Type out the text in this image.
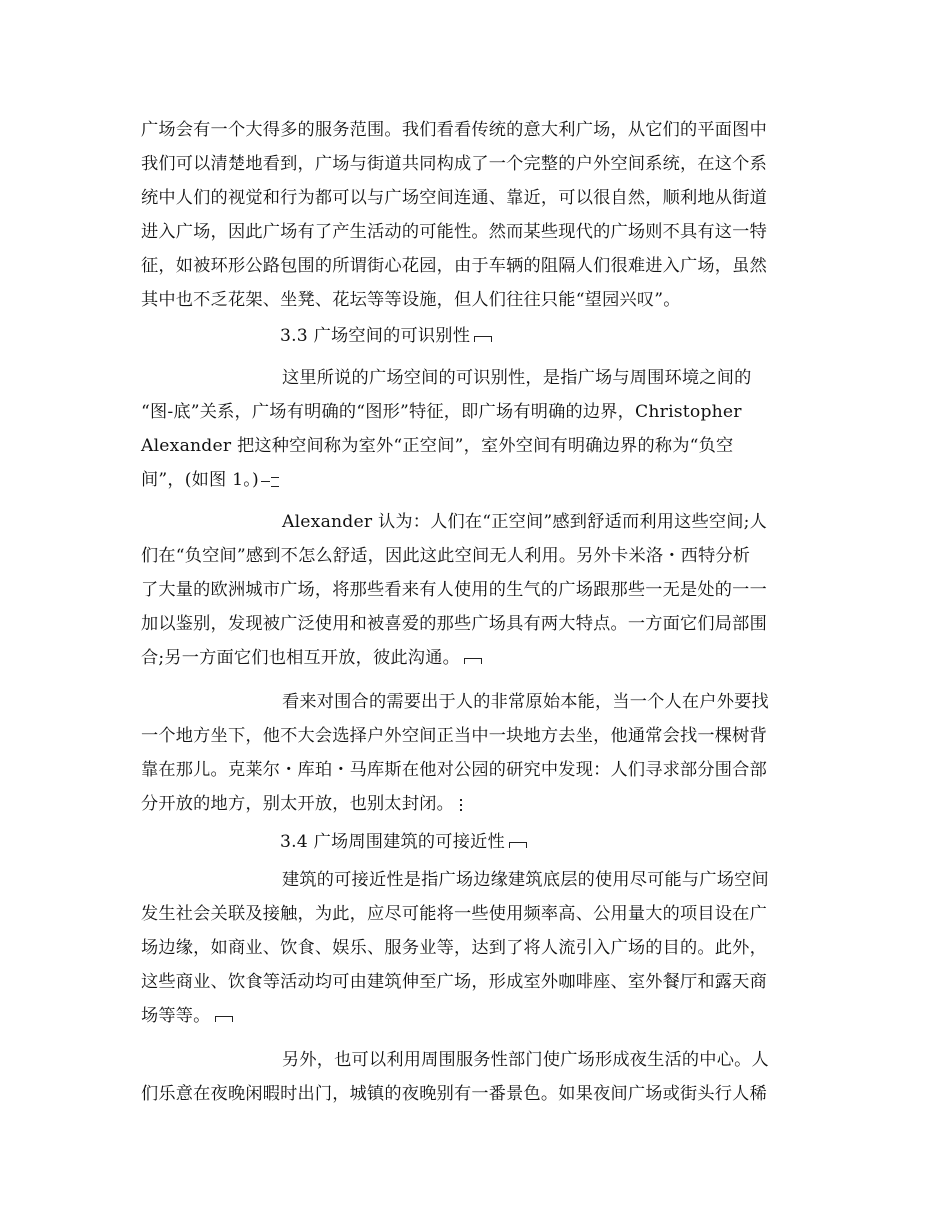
广场会有一个大得多的服务范围。我们看看传统的意大利广场，从它们的平面图中
我们可以清楚地看到，广场与街道共同构成了一个完整的户外空间系统，在这个系
统中人们的视觉和行为都可以与广场空间连通、靠近，可以很自然，顺利地从街道
进入广场，因此广场有了产生活动的可能性。然而某些现代的广场则不具有这一特
征，如被环形公路包围的所谓街心花园，由于车辆的阻隔人们很难进入广场，虽然
其中也不乏花架、坐凳、花坛等等设施，但人们往往只能“望园兴叹”。
3.3 广场空间的可识别性
这里所说的广场空间的可识别性，是指广场与周围环境之间的
“图-底”关系，广场有明确的“图形”特征，即广场有明确的边界，Christopher
Alexander 把这种空间称为室外“正空间”，室外空间有明确边界的称为“负空
间”，(如图 1。)
Alexander 认为：人们在“正空间”感到舒适而利用这些空间;人
们在“负空间”感到不怎么舒适，因此这此空间无人利用。另外卡米洛・西特分析
了大量的欧洲城市广场，将那些看来有人使用的生气的广场跟那些一无是处的一一
加以鉴别，发现被广泛使用和被喜爱的那些广场具有两大特点。一方面它们局部围
合;另一方面它们也相互开放，彼此沟通。
看来对围合的需要出于人的非常原始本能，当一个人在户外要找
一个地方坐下，他不大会选择户外空间正当中一块地方去坐，他通常会找一棵树背
靠在那儿。克莱尔・库珀・马库斯在他对公园的研究中发现：人们寻求部分围合部
分开放的地方，别太开放，也别太封闭。
3.4 广场周围建筑的可接近性
建筑的可接近性是指广场边缘建筑底层的使用尽可能与广场空间
发生社会关联及接触，为此，应尽可能将一些使用频率高、公用量大的项目设在广
场边缘，如商业、饮食、娱乐、服务业等，达到了将人流引入广场的目的。此外，
这些商业、饮食等活动均可由建筑伸至广场，形成室外咖啡座、室外餐厅和露天商
场等等。
另外，也可以利用周围服务性部门使广场形成夜生活的中心。人
们乐意在夜晚闲暇时出门，城镇的夜晚别有一番景色。如果夜间广场或街头行人稀
